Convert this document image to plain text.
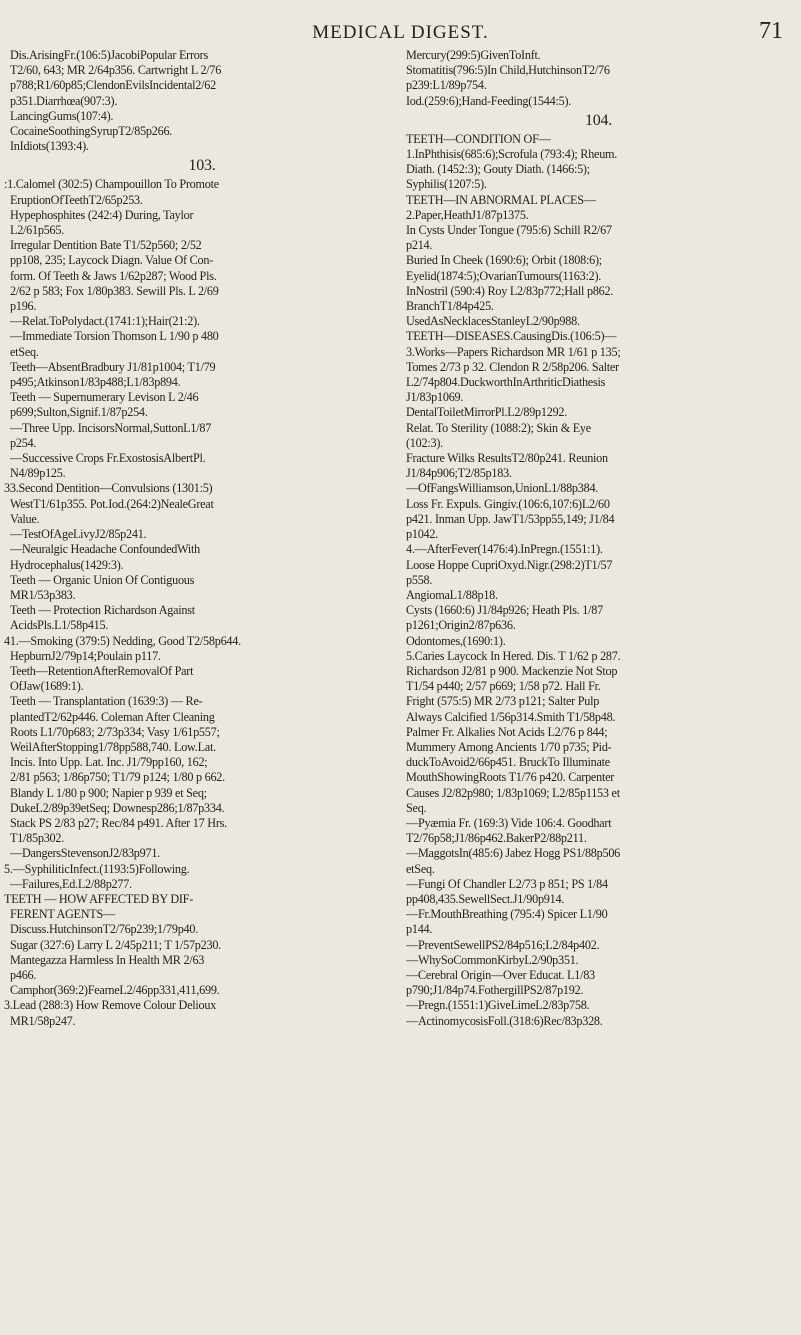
MEDICAL DIGEST.	71
Dis.ArisingFr.(106:5)JacobiPopular Errors
T2/60, 643; MR 2/64p356. Cartwright L 2/76
p788;R1/60p85;ClendonEvilsIncidental2/62
p351.Diarrhœa(907:3).
LancingGums(107:4).
CocaineSoothingSyrupT2/85p266.
InIdiots(1393:4).
103.
:1.Calomel (302:5) Champouillon To Promote
EruptionOfTeethT2/65p253.
Hypephosphites (242:4) During, Taylor
L2/61p565.
Irregular Dentition Bate T1/52p560; 2/52
pp108, 235; Laycock Diagn. Value Of Con-
form. Of Teeth & Jaws 1/62p287; Wood Pls.
2/62 p 583; Fox 1/80p383. Sewill Pls. L 2/69
p196.
—Relat.ToPolydact.(1741:1);Hair(21:2).
—Immediate Torsion Thomson L 1/90 p 480
etSeq.
Teeth—AbsentBradbury J1/81p1004; T1/79
p495;Atkinson1/83p488;L1/83p894.
Teeth — Supernumerary Levison L 2/46
p699;Sulton,Signif.1/87p254.
—Three Upp. IncisorsNormal,SuttonL1/87
p254.
—Successive Crops Fr.ExostosisAlbertPl.
N4/89p125.
33.Second Dentition—Convulsions (1301:5)
WestT1/61p355. Pot.Iod.(264:2)NealeGreat
Value.
—TestOfAgeLivyJ2/85p241.
—Neuralgic Headache ConfoundedWith
Hydrocephalus(1429:3).
Teeth — Organic Union Of Contiguous
MR1/53p383.
Teeth — Protection Richardson Against
AcidsPls.L1/58p415.
41.—Smoking (379:5) Nedding, Good T2/58p644.
HepburnJ2/79p14;Poulain p117.
Teeth—RetentionAfterRemovalOf Part
OfJaw(1689:1).
Teeth — Transplantation (1639:3) — Re-
plantedT2/62p446. Coleman After Cleaning
Roots L1/70p683; 2/73p334; Vasy 1/61p557;
WeilAfterStopping1/78pp588,740. Low.Lat.
Incis. Into Upp. Lat. Inc. J1/79pp160, 162;
2/81 p563; 1/86p750; T1/79 p124; 1/80 p 662.
Blandy L 1/80 p 900; Napier p 939 et Seq;
DukeL2/89p39etSeq; Downesp286;1/87p334.
Stack PS 2/83 p27; Rec/84 p491. After 17 Hrs.
T1/85p302.
—DangersStevensonJ2/83p971.
5.—SyphiliticInfect.(1193:5)Following.
—Failures,Ed.L2/88p277.
TEETH — HOW AFFECTED BY DIF-
FERENT AGENTS—
Discuss.HutchinsonT2/76p239;1/79p40.
Sugar (327:6) Larry L 2/45p211; T 1/57p230.
Mantegazza Harmless In Health MR 2/63
p466.
Camphor(369:2)FearneL2/46pp331,411,699.
3.Lead (288:3) How Remove Colour Delioux
MR1/58p247.
Mercury(299:5)GivenToInft.
Stomatitis(796:5)In Child,HutchinsonT2/76
p239:L1/89p754.
Iod.(259:6);Hand-Feeding(1544:5).
104.
TEETH—CONDITION OF—
1.InPhthisis(685:6);Scrofula (793:4); Rheum.
Diath. (1452:3); Gouty Diath. (1466:5);
Syphilis(1207:5).
TEETH—IN ABNORMAL PLACES—
2.Paper,HeathJ1/87p1375.
In Cysts Under Tongue (795:6) Schill R2/67
p214.
Buried In Cheek (1690:6); Orbit (1808:6);
Eyelid(1874:5);OvarianTumours(1163:2).
InNostril (590:4) Roy L2/83p772;Hall p862.
BranchT1/84p425.
UsedAsNecklacesStanleyL2/90p988.
TEETH—DISEASES.CausingDis.(106:5)—
3.Works—Papers Richardson MR 1/61 p 135;
Tomes 2/73 p 32. Clendon R 2/58p206. Salter
L2/74p804.DuckworthInArthriticDiathesis
J1/83p1069.
DentalToiletMirrorPl.L2/89p1292.
Relat. To Sterility (1088:2); Skin & Eye
(102:3).
Fracture Wilks ResultsT2/80p241. Reunion
J1/84p906;T2/85p183.
—OfFangsWilliamson,UnionL1/88p384.
Loss Fr. Expuls. Gingiv.(106:6,107:6)L2/60
p421. Inman Upp. JawT1/53pp55,149; J1/84
p1042.
4.—AfterFever(1476:4).InPregn.(1551:1).
Loose Hoppe CupriOxyd.Nigr.(298:2)T1/57
p558.
AngiomaL1/88p18.
Cysts (1660:6) J1/84p926; Heath Pls. 1/87
p1261;Origin2/87p636.
Odontomes,(1690:1).
5.Caries Laycock In Hered. Dis. T 1/62 p 287.
Richardson J2/81 p 900. Mackenzie Not Stop
T1/54 p440; 2/57 p669; 1/58 p72. Hall Fr.
Fright (575:5) MR 2/73 p121; Salter Pulp
Always Calcified 1/56p314.Smith T1/58p48.
Palmer Fr. Alkalies Not Acids L2/76 p 844;
Mummery Among Ancients 1/70 p735; Pid-
duckToAvoid2/66p451. BruckTo Illuminate
MouthShowingRoots T1/76 p420. Carpenter
Causes J2/82p980; 1/83p1069; L2/85p1153 et
Seq.
—Pyæmia Fr. (169:3) Vide 106:4. Goodhart
T2/76p58;J1/86p462.BakerP2/88p211.
—MaggotsIn(485:6) Jabez Hogg PS1/88p506
etSeq.
—Fungi Of Chandler L2/73 p 851; PS 1/84
pp408,435.SewellSect.J1/90p914.
—Fr.MouthBreathing (795:4) Spicer L1/90
p144.
—PreventSewellPS2/84p516;L2/84p402.
—WhySoCommonKirbyL2/90p351.
—Cerebral Origin—Over Educat. L1/83
p790;J1/84p74.FothergillPS2/87p192.
—Pregn.(1551:1)GiveLimeL2/83p758.
—ActinomycosisFoll.(318:6)Rec/83p328.
